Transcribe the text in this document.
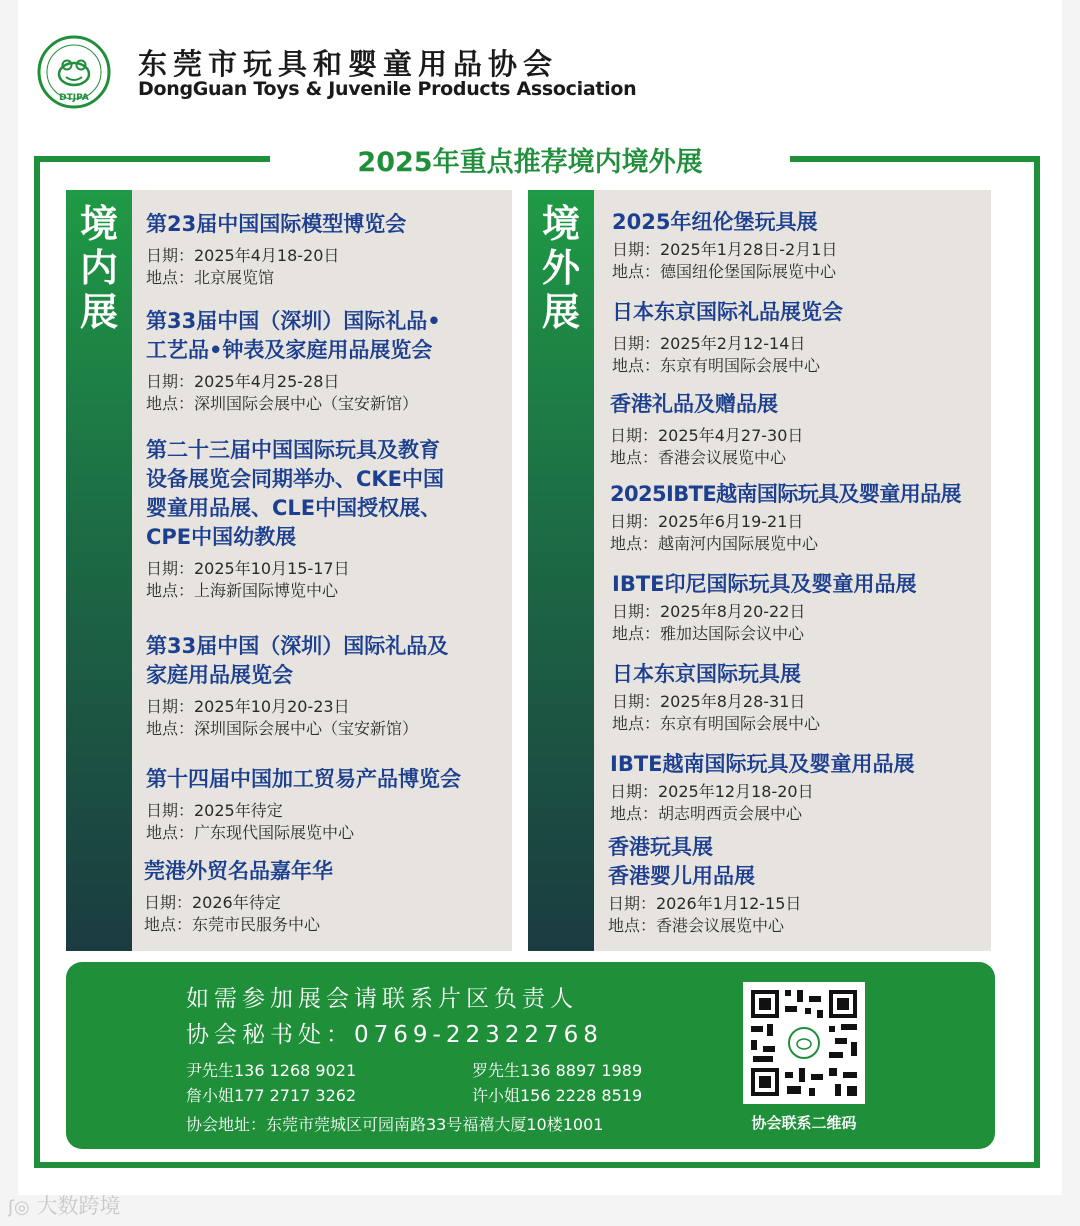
DTJPA
东莞市玩具和婴童用品协会
DongGuan Toys & Juvenile Products Association
2025年重点推荐境内境外展
境
内
展
第23届中国国际模型博览会
日期：2025年4月18-20日
地点：北京展览馆
第33届中国（深圳）国际礼品•
工艺品•钟表及家庭用品展览会
日期：2025年4月25-28日
地点：深圳国际会展中心（宝安新馆）
第二十三届中国国际玩具及教育
设备展览会同期举办、CKE中国
婴童用品展、CLE中国授权展、
CPE中国幼教展
日期：2025年10月15-17日
地点：上海新国际博览中心
第33届中国（深圳）国际礼品及
家庭用品展览会
日期：2025年10月20-23日
地点：深圳国际会展中心（宝安新馆）
第十四届中国加工贸易产品博览会
日期：2025年待定
地点：广东现代国际展览中心
莞港外贸名品嘉年华
日期：2026年待定
地点：东莞市民服务中心
境
外
展
2025年纽伦堡玩具展
日期：2025年1月28日-2月1日
地点：德国纽伦堡国际展览中心
日本东京国际礼品展览会
日期：2025年2月12-14日
地点：东京有明国际会展中心
香港礼品及赠品展
日期：2025年4月27-30日
地点：香港会议展览中心
2025IBTE越南国际玩具及婴童用品展
日期：2025年6月19-21日
地点：越南河内国际展览中心
IBTE印尼国际玩具及婴童用品展
日期：2025年8月20-22日
地点：雅加达国际会议中心
日本东京国际玩具展
日期：2025年8月28-31日
地点：东京有明国际会展中心
IBTE越南国际玩具及婴童用品展
日期：2025年12月18-20日
地点：胡志明西贡会展中心
香港玩具展
香港婴儿用品展
日期：2026年1月12-15日
地点：香港会议展览中心
如需参加展会请联系片区负责人
协会秘书处：0769-22322768
尹先生136 1268 9021	罗先生136 8897 1989
詹小姐177 2717 3262	许小姐156 2228 8519
协会地址：东莞市莞城区可园南路33号福禧大厦10楼1001	协会联系二维码
ʃ◎ 大数跨境
